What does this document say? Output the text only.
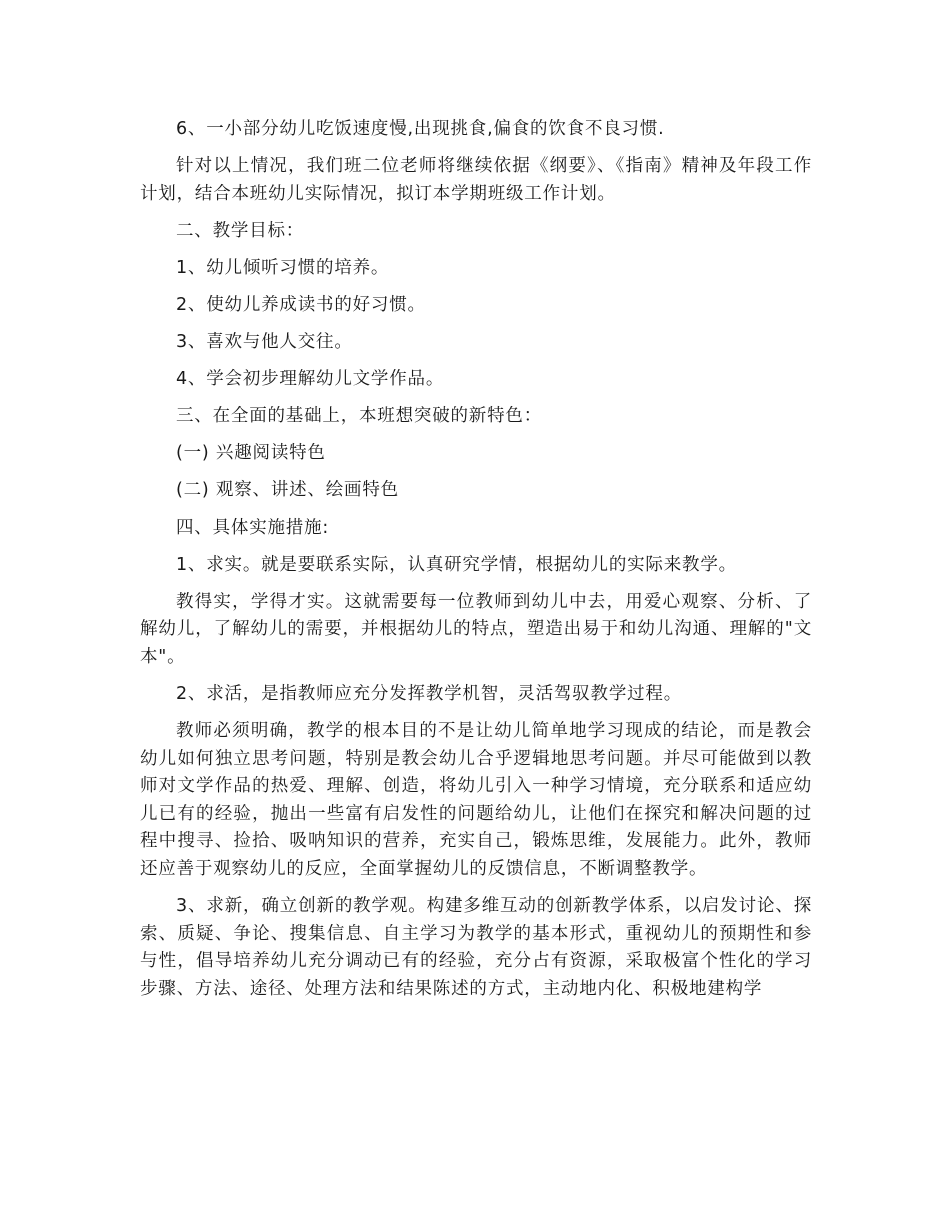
6、一小部分幼儿吃饭速度慢,出现挑食,偏食的饮食不良习惯.

针对以上情况，我们班二位老师将继续依据《纲要》、《指南》精神及年段工作计划，结合本班幼儿实际情况，拟订本学期班级工作计划。

二、教学目标：

1、幼儿倾听习惯的培养。

2、使幼儿养成读书的好习惯。

3、喜欢与他人交往。

4、学会初步理解幼儿文学作品。

三、在全面的基础上，本班想突破的新特色：

(一) 兴趣阅读特色

(二) 观察、讲述、绘画特色

四、具体实施措施:

1、求实。就是要联系实际，认真研究学情，根据幼儿的实际来教学。

教得实，学得才实。这就需要每一位教师到幼儿中去，用爱心观察、分析、了解幼儿，了解幼儿的需要，并根据幼儿的特点，塑造出易于和幼儿沟通、理解的"文本"。

2、求活，是指教师应充分发挥教学机智，灵活驾驭教学过程。

教师必须明确，教学的根本目的不是让幼儿简单地学习现成的结论，而是教会幼儿如何独立思考问题，特别是教会幼儿合乎逻辑地思考问题。并尽可能做到以教师对文学作品的热爱、理解、创造，将幼儿引入一种学习情境，充分联系和适应幼儿已有的经验，抛出一些富有启发性的问题给幼儿，让他们在探究和解决问题的过程中搜寻、捡拾、吸呐知识的营养，充实自己，锻炼思维，发展能力。此外，教师还应善于观察幼儿的反应，全面掌握幼儿的反馈信息，不断调整教学。

3、求新，确立创新的教学观。构建多维互动的创新教学体系，以启发讨论、探索、质疑、争论、搜集信息、自主学习为教学的基本形式，重视幼儿的预期性和参与性，倡导培养幼儿充分调动已有的经验，充分占有资源，采取极富个性化的学习步骤、方法、途径、处理方法和结果陈述的方式，主动地内化、积极地建构学
